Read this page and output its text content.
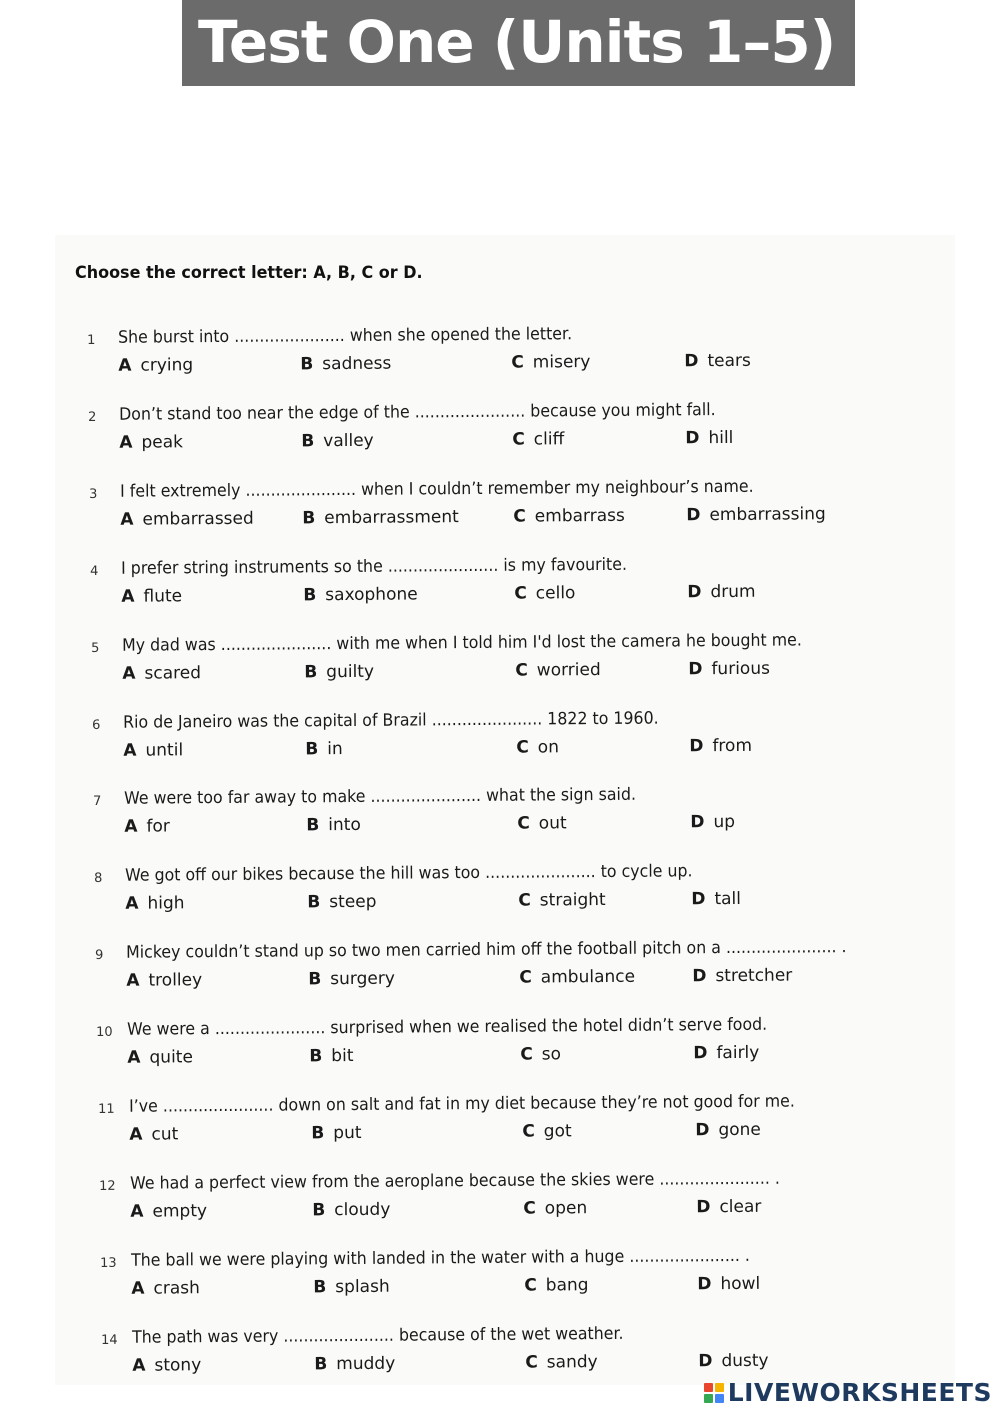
Test One (Units 1–5)
Choose the correct letter: A, B, C or D.
1	She burst into ...................... when she opened the letter.
A crying	B sadness	C misery	D tears
2	Don’t stand too near the edge of the ...................... because you might fall.
A peak	B valley	C cliff	D hill
3	I felt extremely ...................... when I couldn’t remember my neighbour’s name.
A embarrassed	B embarrassment	C embarrass	D embarrassing
4	I prefer string instruments so the ...................... is my favourite.
A flute	B saxophone	C cello	D drum
5	My dad was ...................... with me when I told him I'd lost the camera he bought me.
A scared	B guilty	C worried	D furious
6	Rio de Janeiro was the capital of Brazil ...................... 1822 to 1960.
A until	B in	C on	D from
7	We were too far away to make ...................... what the sign said.
A for	B into	C out	D up
8	We got off our bikes because the hill was too ...................... to cycle up.
A high	B steep	C straight	D tall
9	Mickey couldn’t stand up so two men carried him off the football pitch on a ...................... .
A trolley	B surgery	C ambulance	D stretcher
10 We were a ...................... surprised when we realised the hotel didn’t serve food.
A quite	B bit	C so	D fairly
11 I’ve ...................... down on salt and fat in my diet because they’re not good for me.
A cut	B put	C got	D gone
12 We had a perfect view from the aeroplane because the skies were ...................... .
A empty	B cloudy	C open	D clear
13 The ball we were playing with landed in the water with a huge ...................... .
A crash	B splash	C bang	D howl
14 The path was very ...................... because of the wet weather.
A stony	B muddy	C sandy	D dusty
LIVEWORKSHEETS
